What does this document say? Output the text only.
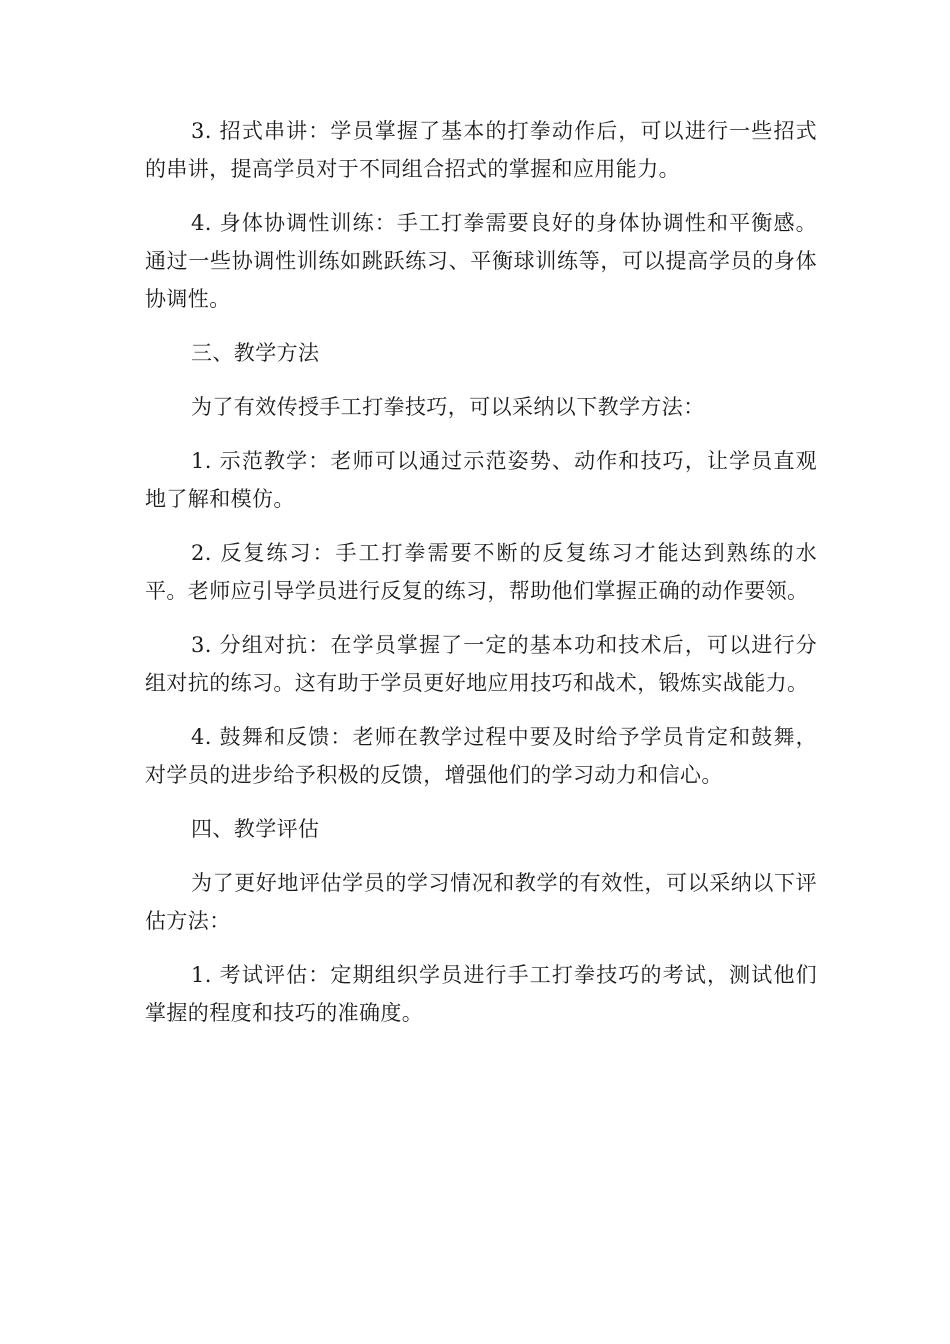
3. 招式串讲：学员掌握了基本的打拳动作后，可以进行一些招式的串讲，提高学员对于不同组合招式的掌握和应用能力。

4. 身体协调性训练：手工打拳需要良好的身体协调性和平衡感。通过一些协调性训练如跳跃练习、平衡球训练等，可以提高学员的身体协调性。

三、教学方法

为了有效传授手工打拳技巧，可以采纳以下教学方法：

1. 示范教学：老师可以通过示范姿势、动作和技巧，让学员直观地了解和模仿。

2. 反复练习：手工打拳需要不断的反复练习才能达到熟练的水平。老师应引导学员进行反复的练习，帮助他们掌握正确的动作要领。

3. 分组对抗：在学员掌握了一定的基本功和技术后，可以进行分组对抗的练习。这有助于学员更好地应用技巧和战术，锻炼实战能力。

4. 鼓舞和反馈：老师在教学过程中要及时给予学员肯定和鼓舞，对学员的进步给予积极的反馈，增强他们的学习动力和信心。

四、教学评估

为了更好地评估学员的学习情况和教学的有效性，可以采纳以下评估方法：

1. 考试评估：定期组织学员进行手工打拳技巧的考试，测试他们掌握的程度和技巧的准确度。
